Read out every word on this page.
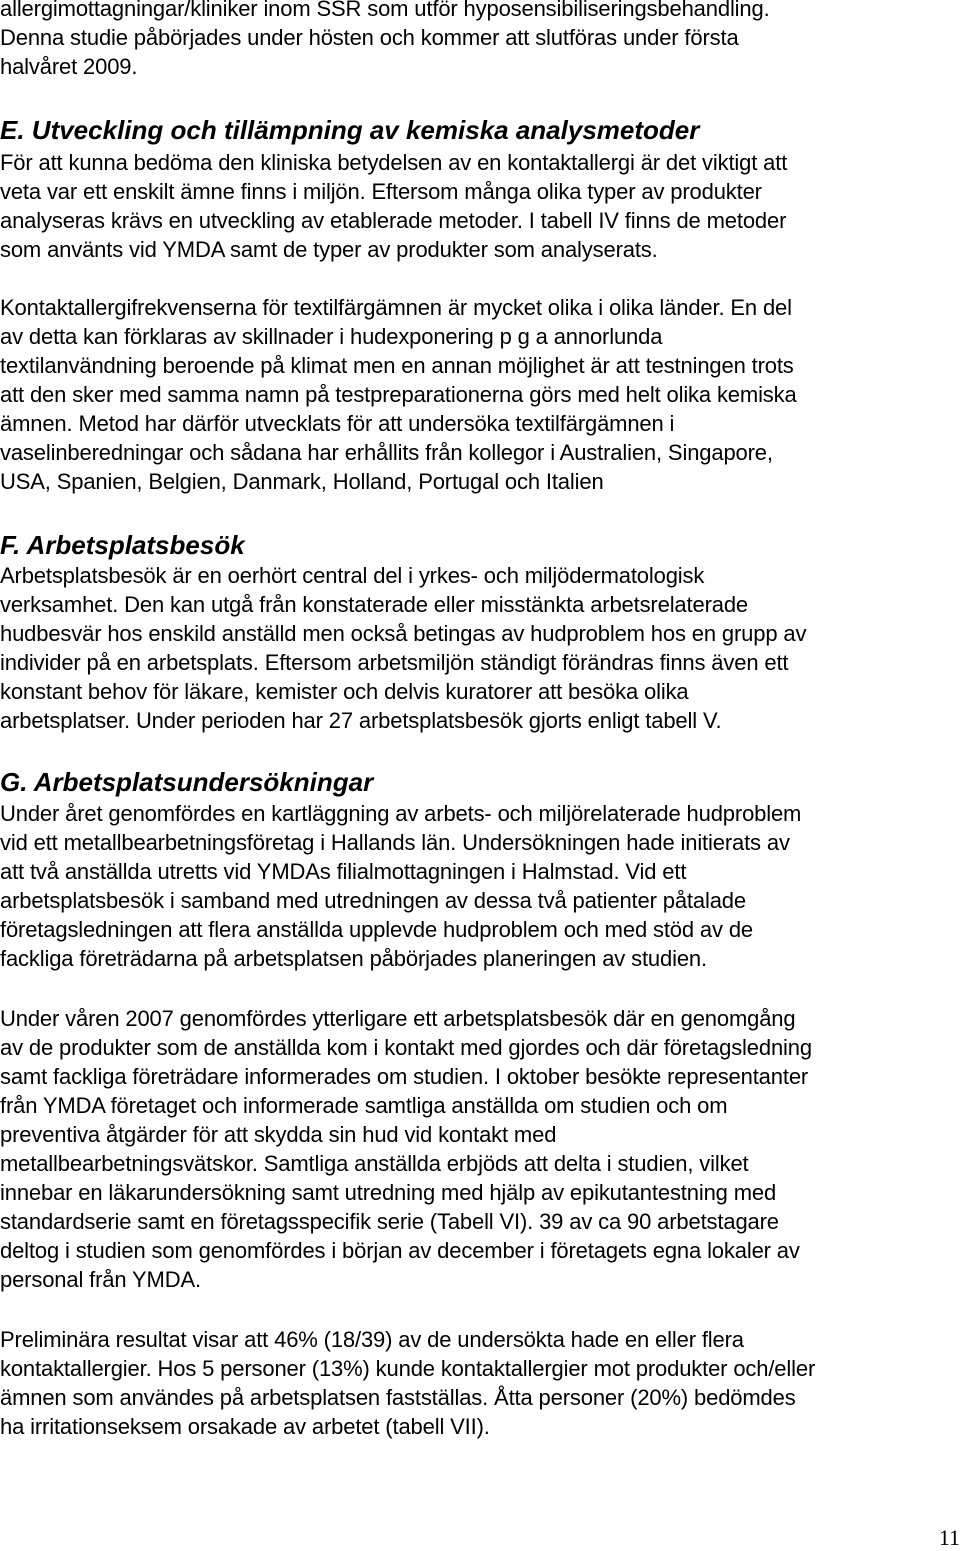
allergimottagningar/kliniker inom SSR som utför hyposensibiliseringsbehandling.
Denna studie påbörjades under hösten och kommer att slutföras under första
halvåret 2009.
E. Utveckling och tillämpning av kemiska analysmetoder
För att kunna bedöma den kliniska betydelsen av en kontaktallergi är det viktigt att
veta var ett enskilt ämne finns i miljön. Eftersom många olika typer av produkter
analyseras krävs en utveckling av etablerade metoder. I tabell IV finns de metoder
som använts vid YMDA samt de typer av produkter som analyserats.
Kontaktallergifrekvenserna för textilfärgämnen är mycket olika i olika länder. En del
av detta kan förklaras av skillnader i hudexponering p g a annorlunda
textilanvändning beroende på klimat men en annan möjlighet är att testningen trots
att den sker med samma namn på testpreparationerna görs med helt olika kemiska
ämnen. Metod har därför utvecklats för att undersöka textilfärgämnen i
vaselinberedningar och sådana har erhållits från kollegor i Australien, Singapore,
USA, Spanien, Belgien, Danmark, Holland, Portugal och Italien
F. Arbetsplatsbesök
Arbetsplatsbesök är en oerhört central del i yrkes- och miljödermatologisk
verksamhet. Den kan utgå från konstaterade eller misstänkta arbetsrelaterade
hudbesvär hos enskild anställd men också betingas av hudproblem hos en grupp av
individer på en arbetsplats. Eftersom arbetsmiljön ständigt förändras finns även ett
konstant behov för läkare, kemister och delvis kuratorer att besöka olika
arbetsplatser. Under perioden har 27 arbetsplatsbesök gjorts enligt tabell V.
G. Arbetsplatsundersökningar
Under året genomfördes en kartläggning av arbets- och miljörelaterade hudproblem
vid ett metallbearbetningsföretag i Hallands län. Undersökningen hade initierats av
att två anställda utretts vid YMDAs filialmottagningen i Halmstad. Vid ett
arbetsplatsbesök i samband med utredningen av dessa två patienter påtalade
företagsledningen att flera anställda upplevde hudproblem och med stöd av de
fackliga företrädarna på arbetsplatsen påbörjades planeringen av studien.
Under våren 2007 genomfördes ytterligare ett arbetsplatsbesök där en genomgång
av de produkter som de anställda kom i kontakt med gjordes och där företagsledning
samt fackliga företrädare informerades om studien. I oktober besökte representanter
från YMDA företaget och informerade samtliga anställda om studien och om
preventiva åtgärder för att skydda sin hud vid kontakt med
metallbearbetningsvätskor. Samtliga anställda erbjöds att delta i studien, vilket
innebar en läkarundersökning samt utredning med hjälp av epikutantestning med
standardserie samt en företagsspecifik serie (Tabell VI). 39 av ca 90 arbetstagare
deltog i studien som genomfördes i början av december i företagets egna lokaler av
personal från YMDA.
Preliminära resultat visar att 46% (18/39) av de undersökta hade en eller flera
kontaktallergier. Hos 5 personer (13%) kunde kontaktallergier mot produkter och/eller
ämnen som användes på arbetsplatsen fastställas. Åtta personer (20%) bedömdes
ha irritationseksem orsakade av arbetet (tabell VII).
11
